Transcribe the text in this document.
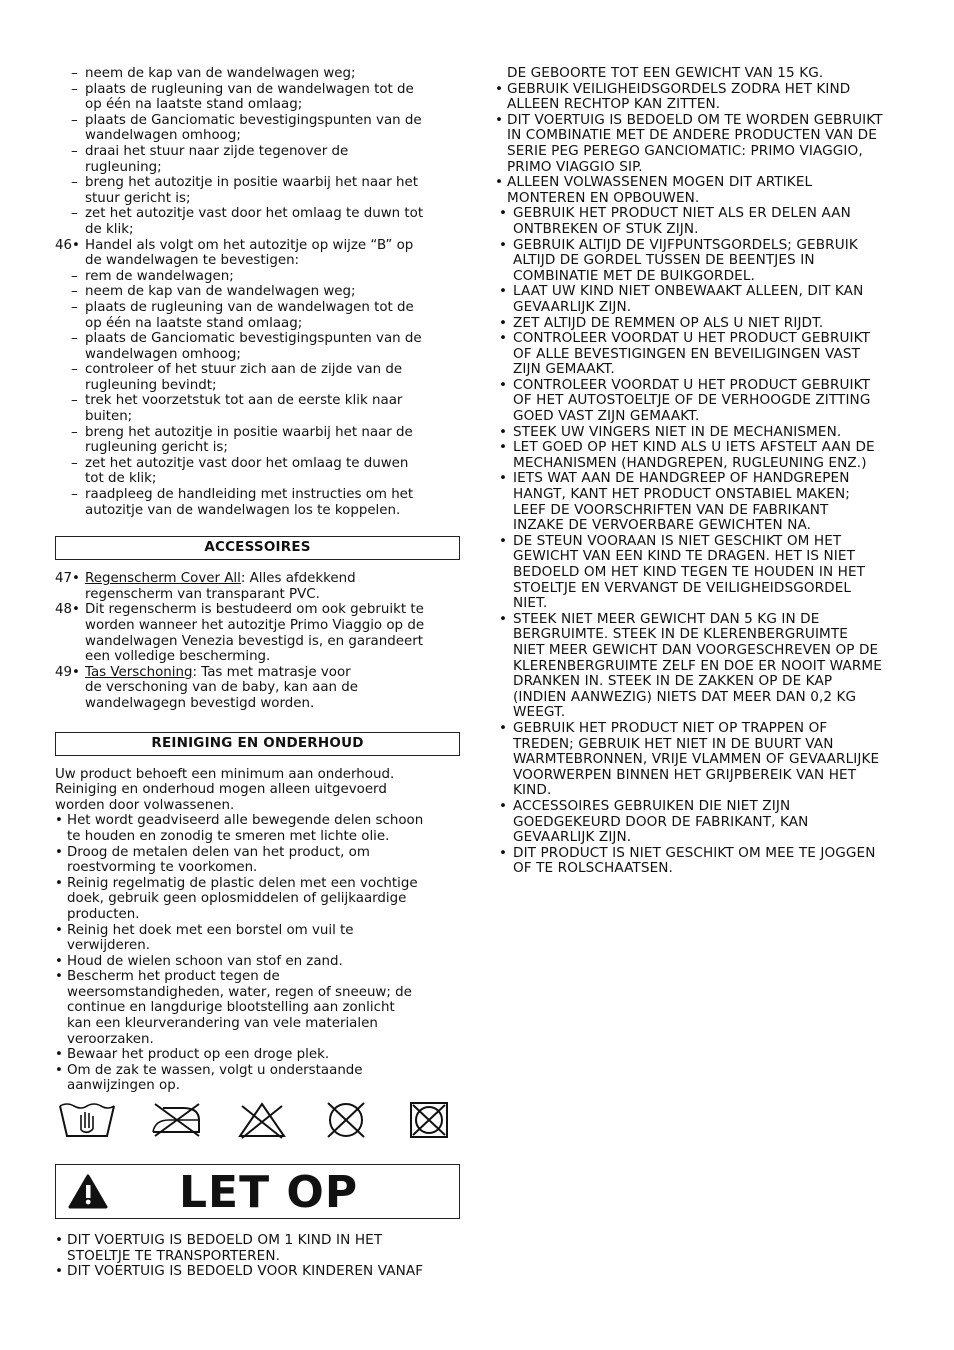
– neem de kap van de wandelwagen weg;
– plaats de rugleuning van de wandelwagen tot de
op één na laatste stand omlaag;
– plaats de Ganciomatic bevestigingspunten van de
wandelwagen omhoog;
– draai het stuur naar zijde tegenover de
rugleuning;
– breng het autozitje in positie waarbij het naar het
stuur gericht is;
– zet het autozitje vast door het omlaag te duwn tot
de klik;
46• Handel als volgt om het autozitje op wijze “B” op
de wandelwagen te bevestigen:
– rem de wandelwagen;
– neem de kap van de wandelwagen weg;
– plaats de rugleuning van de wandelwagen tot de
op één na laatste stand omlaag;
– plaats de Ganciomatic bevestigingspunten van de
wandelwagen omhoog;
– controleer of het stuur zich aan de zijde van de
rugleuning bevindt;
– trek het voorzetstuk tot aan de eerste klik naar
buiten;
– breng het autozitje in positie waarbij het naar de
rugleuning gericht is;
– zet het autozitje vast door het omlaag te duwen
tot de klik;
– raadpleeg de handleiding met instructies om het
autozitje van de wandelwagen los te koppelen.
ACCESSOIRES
47• Regenscherm Cover All: Alles afdekkend
regenscherm van transparant PVC.
48• Dit regenscherm is bestudeerd om ook gebruikt te
worden wanneer het autozitje Primo Viaggio op de
wandelwagen Venezia bevestigd is, en garandeert
een volledige bescherming.
49• Tas Verschoning: Tas met matrasje voor
de verschoning van de baby, kan aan de
wandelwagegn bevestigd worden.
REINIGING EN ONDERHOUD
Uw product behoeft een minimum aan onderhoud.
Reiniging en onderhoud mogen alleen uitgevoerd
worden door volwassenen.
• Het wordt geadviseerd alle bewegende delen schoon
te houden en zonodig te smeren met lichte olie.
• Droog de metalen delen van het product, om
roestvorming te voorkomen.
• Reinig regelmatig de plastic delen met een vochtige
doek, gebruik geen oplosmiddelen of gelijkaardige
producten.
• Reinig het doek met een borstel om vuil te
verwijderen.
• Houd de wielen schoon van stof en zand.
• Bescherm het product tegen de
weersomstandigheden, water, regen of sneeuw; de
continue en langdurige blootstelling aan zonlicht
kan een kleurverandering van vele materialen
veroorzaken.
• Bewaar het product op een droge plek.
• Om de zak te wassen, volgt u onderstaande
aanwijzingen op.
LET OP
• DIT VOERTUIG IS BEDOELD OM 1 KIND IN HET
STOELTJE TE TRANSPORTEREN.
• DIT VOERTUIG IS BEDOELD VOOR KINDEREN VANAF
DE GEBOORTE TOT EEN GEWICHT VAN 15 KG.
• GEBRUIK VEILIGHEIDSGORDELS ZODRA HET KIND
ALLEEN RECHTOP KAN ZITTEN.
• DIT VOERTUIG IS BEDOELD OM TE WORDEN GEBRUIKT
IN COMBINATIE MET DE ANDERE PRODUCTEN VAN DE
SERIE PEG PEREGO GANCIOMATIC: PRIMO VIAGGIO,
PRIMO VIAGGIO SIP.
• ALLEEN VOLWASSENEN MOGEN DIT ARTIKEL
MONTEREN EN OPBOUWEN.
• GEBRUIK HET PRODUCT NIET ALS ER DELEN AAN
ONTBREKEN OF STUK ZIJN.
• GEBRUIK ALTIJD DE VIJFPUNTSGORDELS; GEBRUIK
ALTIJD DE GORDEL TUSSEN DE BEENTJES IN
COMBINATIE MET DE BUIKGORDEL.
• LAAT UW KIND NIET ONBEWAAKT ALLEEN, DIT KAN
GEVAARLIJK ZIJN.
• ZET ALTIJD DE REMMEN OP ALS U NIET RIJDT.
• CONTROLEER VOORDAT U HET PRODUCT GEBRUIKT
OF ALLE BEVESTIGINGEN EN BEVEILIGINGEN VAST
ZIJN GEMAAKT.
• CONTROLEER VOORDAT U HET PRODUCT GEBRUIKT
OF HET AUTOSTOELTJE OF DE VERHOOGDE ZITTING
GOED VAST ZIJN GEMAAKT.
• STEEK UW VINGERS NIET IN DE MECHANISMEN.
• LET GOED OP HET KIND ALS U IETS AFSTELT AAN DE
MECHANISMEN (HANDGREPEN, RUGLEUNING ENZ.)
• IETS WAT AAN DE HANDGREEP OF HANDGREPEN
HANGT, KANT HET PRODUCT ONSTABIEL MAKEN;
LEEF DE VOORSCHRIFTEN VAN DE FABRIKANT
INZAKE DE VERVOERBARE GEWICHTEN NA.
• DE STEUN VOORAAN IS NIET GESCHIKT OM HET
GEWICHT VAN EEN KIND TE DRAGEN. HET IS NIET
BEDOELD OM HET KIND TEGEN TE HOUDEN IN HET
STOELTJE EN VERVANGT DE VEILIGHEIDSGORDEL
NIET.
• STEEK NIET MEER GEWICHT DAN 5 KG IN DE
BERGRUIMTE. STEEK IN DE KLERENBERGRUIMTE
NIET MEER GEWICHT DAN VOORGESCHREVEN OP DE
KLERENBERGRUIMTE ZELF EN DOE ER NOOIT WARME
DRANKEN IN. STEEK IN DE ZAKKEN OP DE KAP
(INDIEN AANWEZIG) NIETS DAT MEER DAN 0,2 KG
WEEGT.
• GEBRUIK HET PRODUCT NIET OP TRAPPEN OF
TREDEN; GEBRUIK HET NIET IN DE BUURT VAN
WARMTEBRONNEN, VRIJE VLAMMEN OF GEVAARLIJKE
VOORWERPEN BINNEN HET GRIJPBEREIK VAN HET
KIND.
• ACCESSOIRES GEBRUIKEN DIE NIET ZIJN
GOEDGEKEURD DOOR DE FABRIKANT, KAN
GEVAARLIJK ZIJN.
• DIT PRODUCT IS NIET GESCHIKT OM MEE TE JOGGEN
OF TE ROLSCHAATSEN.
